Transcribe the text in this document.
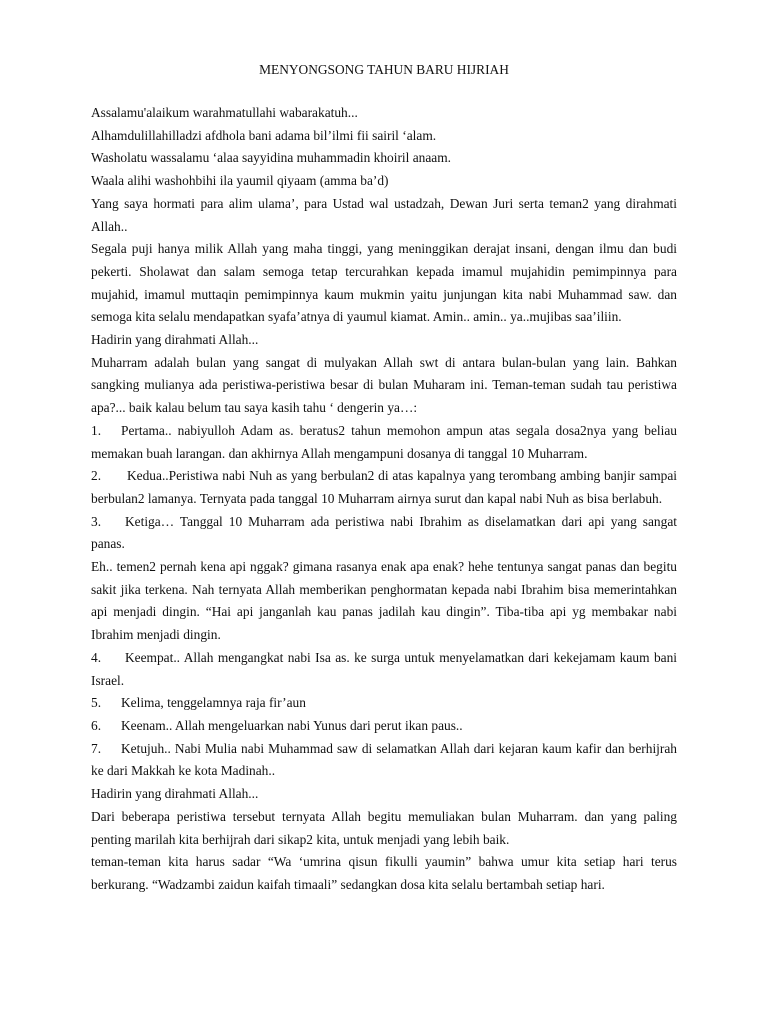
MENYONGSONG TAHUN BARU HIJRIAH

Assalamu'alaikum warahmatullahi wabarakatuh...

Alhamdulillahilladzi afdhola bani adama bil’ilmi fii sairil ‘alam.

Washolatu wassalamu ‘alaa sayyidina muhammadin khoiril anaam.

Waala alihi washohbihi ila yaumil qiyaam (amma ba’d)

Yang saya hormati para alim ulama’, para Ustad wal ustadzah, Dewan Juri serta teman2 yang dirahmati Allah..

Segala puji hanya milik Allah yang maha tinggi, yang meninggikan derajat insani, dengan ilmu dan budi pekerti. Sholawat dan salam semoga tetap tercurahkan kepada imamul mujahidin pemimpinnya para mujahid, imamul muttaqin pemimpinnya kaum mukmin yaitu junjungan kita nabi Muhammad saw. dan semoga kita selalu mendapatkan syafa’atnya di yaumul kiamat. Amin.. amin.. ya..mujibas saa’iliin.

Hadirin yang dirahmati Allah...

Muharram adalah bulan yang sangat di mulyakan Allah swt di antara bulan-bulan yang lain. Bahkan sangking mulianya ada peristiwa-peristiwa besar di bulan Muharam ini. Teman-teman sudah tau peristiwa apa?... baik kalau belum tau saya kasih tahu ‘ dengerin ya…:

1. Pertama.. nabiyulloh Adam as. beratus2 tahun memohon ampun atas segala dosa2nya yang beliau memakan buah larangan. dan akhirnya Allah mengampuni dosanya di tanggal 10 Muharram.
2. Kedua..Peristiwa nabi Nuh as yang berbulan2 di atas kapalnya yang terombang ambing banjir sampai berbulan2 lamanya. Ternyata pada tanggal 10 Muharram airnya surut dan kapal nabi Nuh as bisa berlabuh.
3. Ketiga… Tanggal 10 Muharram ada peristiwa nabi Ibrahim as diselamatkan dari api yang sangat panas.

Eh.. temen2 pernah kena api nggak? gimana rasanya enak apa enak? hehe tentunya sangat panas dan begitu sakit jika terkena. Nah ternyata Allah memberikan penghormatan kepada nabi Ibrahim bisa memerintahkan api menjadi dingin. “Hai api janganlah kau panas jadilah kau dingin”. Tiba-tiba api yg membakar nabi Ibrahim menjadi dingin.

4. Keempat.. Allah mengangkat nabi Isa as. ke surga untuk menyelamatkan dari kekejamam kaum bani Israel.
5. Kelima, tenggelamnya raja fir’aun
6. Keenam.. Allah mengeluarkan nabi Yunus dari perut ikan paus..
7. Ketujuh.. Nabi Mulia nabi Muhammad saw di selamatkan Allah dari kejaran kaum kafir dan berhijrah ke dari Makkah ke kota Madinah..

Hadirin yang dirahmati Allah...

Dari beberapa peristiwa tersebut ternyata Allah begitu memuliakan bulan Muharram. dan yang paling penting marilah kita berhijrah dari sikap2 kita, untuk menjadi yang lebih baik.

teman-teman kita harus sadar “Wa ‘umrina qisun fikulli yaumin” bahwa umur kita setiap hari terus berkurang. “Wadzambi zaidun kaifah timaali” sedangkan dosa kita selalu bertambah setiap hari.
